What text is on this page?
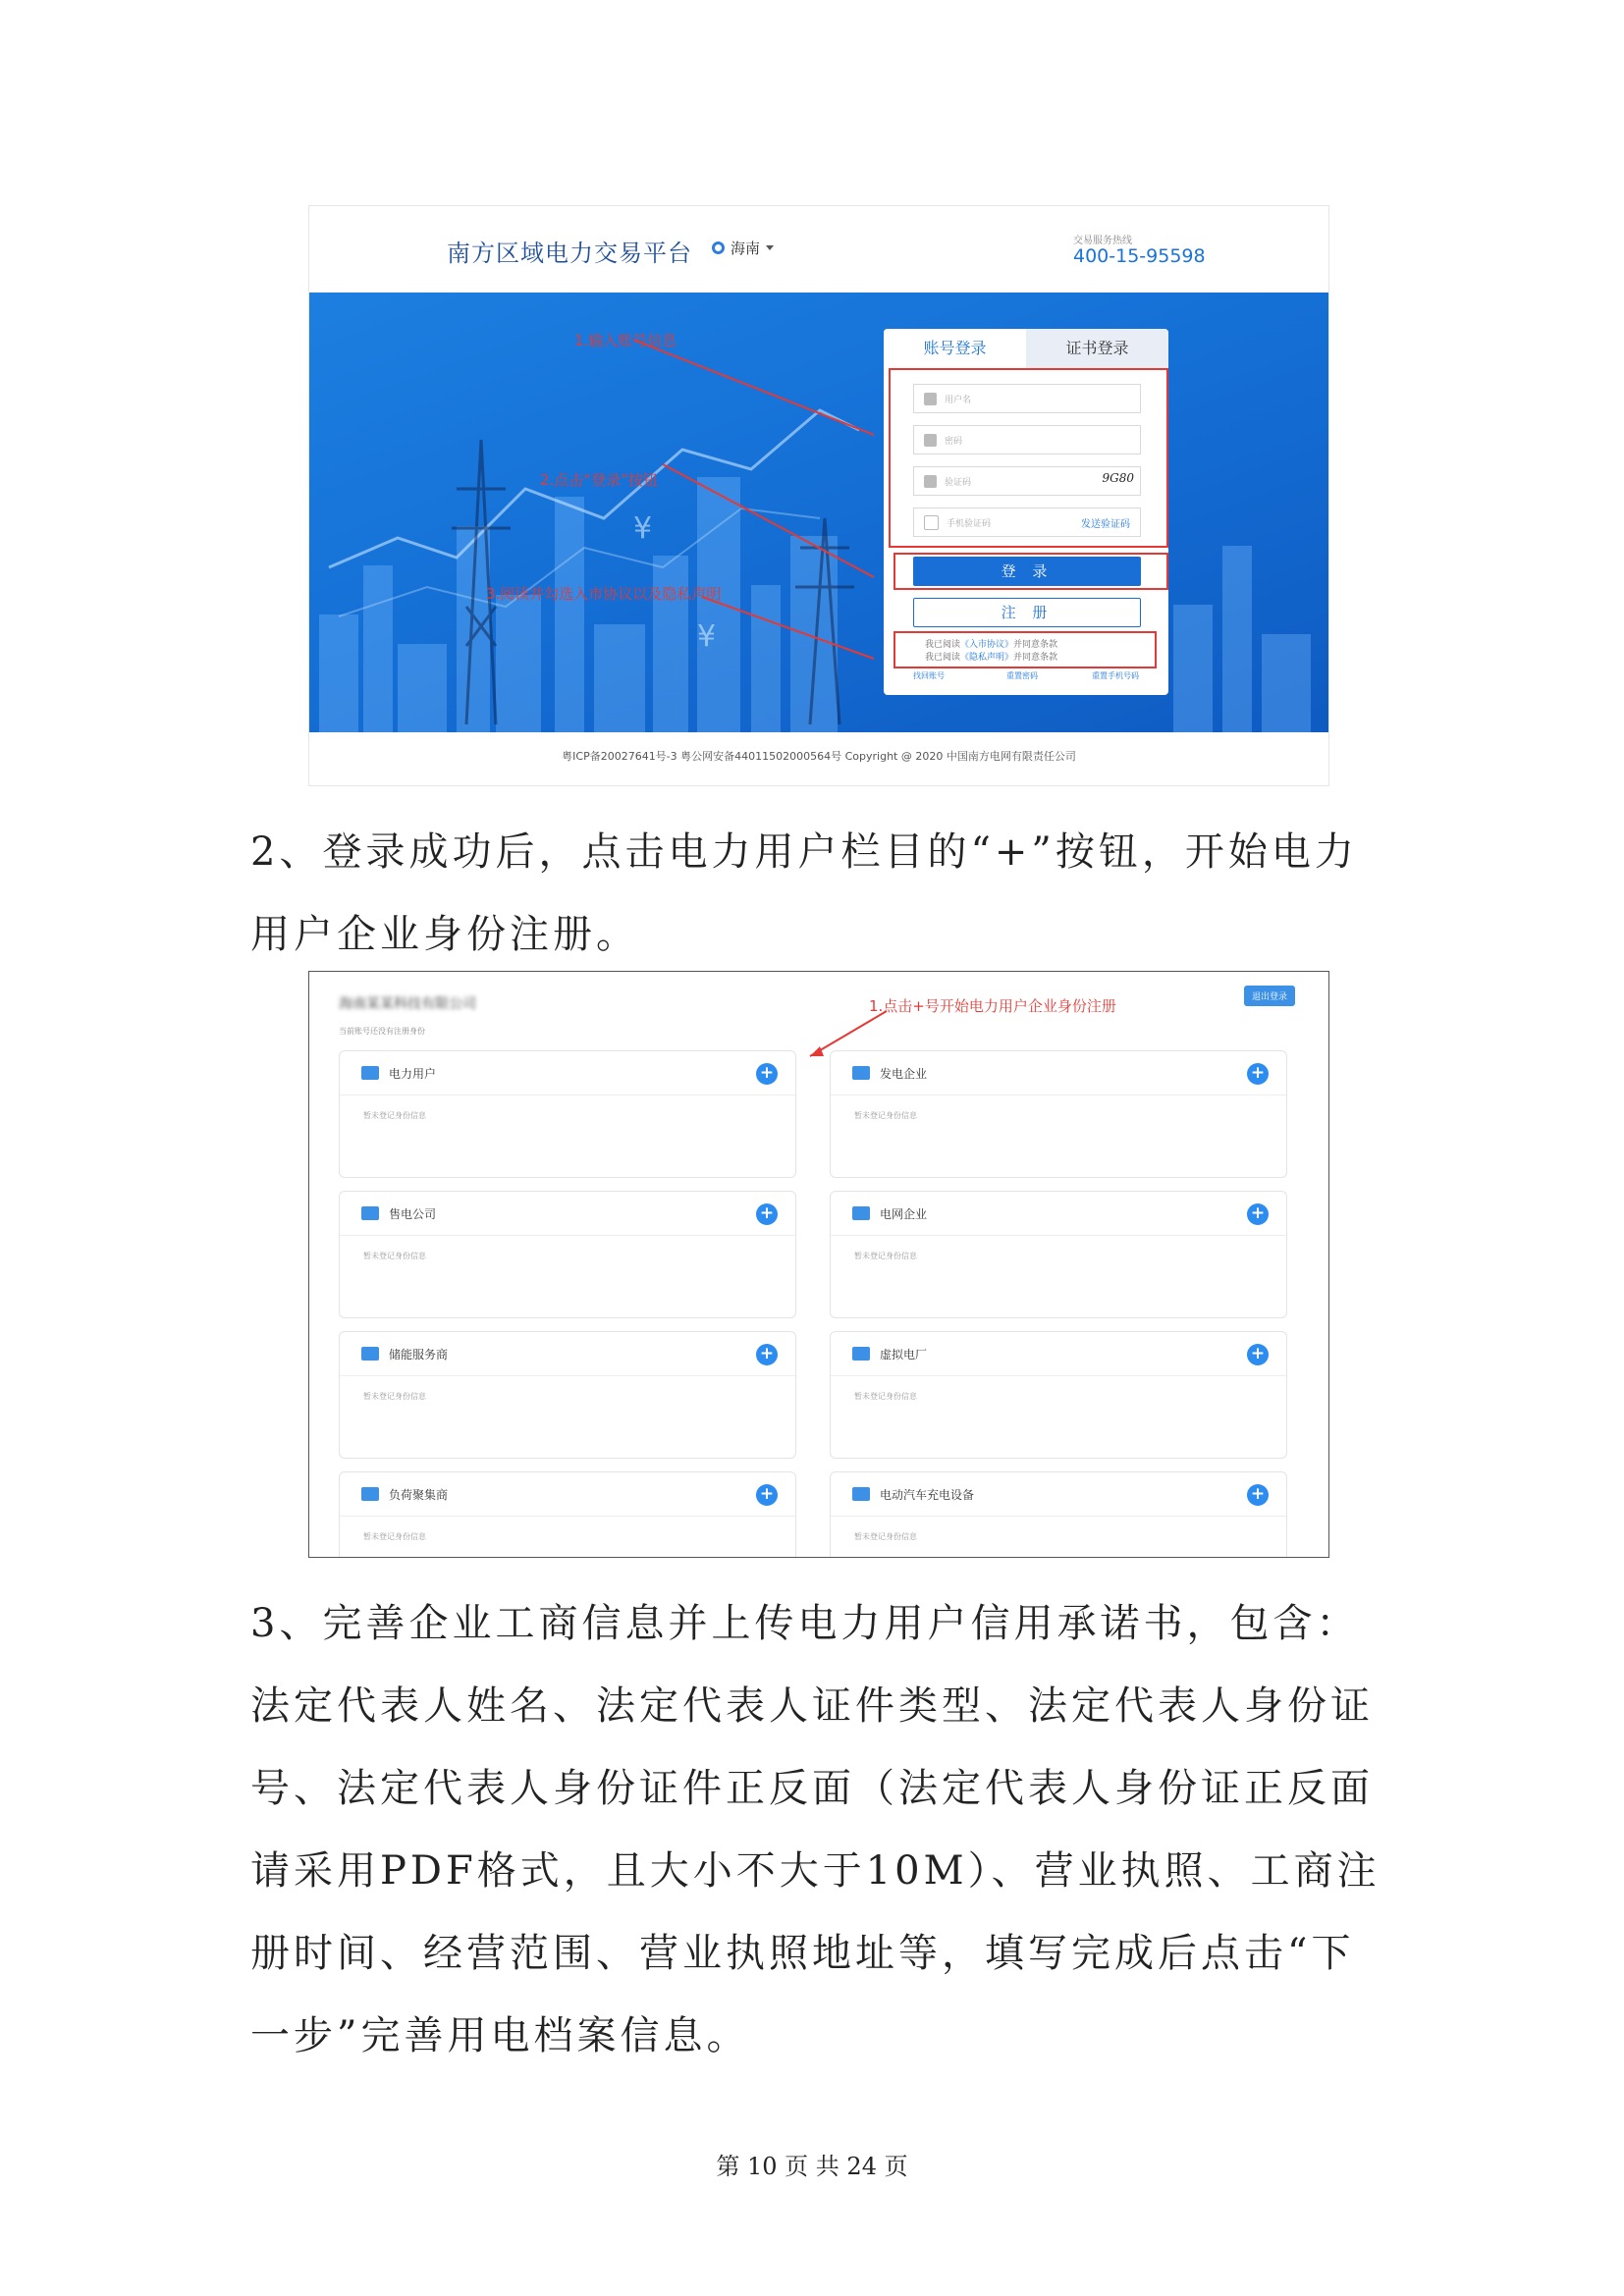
南方区域电力交易平台	海南	交易服务热线
400-15-95598
¥
¥
1.输入账号信息
2.点击“登录”按钮
3.阅读并勾选入市协议以及隐私声明
账号登录	证书登录
用户名
密码
验证码	9G80
手机验证码	发送验证码
登 录
注 册
我已阅读《入市协议》并同意条款
我已阅读《隐私声明》并同意条款
找回账号	重置密码	重置手机号码
粤ICP备20027641号-3 粤公网安备44011502000564号 Copyright @ 2020 中国南方电网有限责任公司
2、登录成功后，点击电力用户栏目的“+”按钮，开始电力用户企业身份注册。
海南某某科技有限公司
当前账号还没有注册身份
退出登录
1.点击+号开始电力用户企业身份注册
电力用户	+
暂未登记身份信息
发电企业	+
暂未登记身份信息
售电公司	+
暂未登记身份信息
电网企业	+
暂未登记身份信息
储能服务商	+
暂未登记身份信息
虚拟电厂	+
暂未登记身份信息
负荷聚集商	+
暂未登记身份信息
电动汽车充电设备	+
暂未登记身份信息
3、完善企业工商信息并上传电力用户信用承诺书，包含：法定代表人姓名、法定代表人证件类型、法定代表人身份证号、法定代表人身份证件正反面（法定代表人身份证正反面请采用PDF格式，且大小不大于10M）、营业执照、工商注册时间、经营范围、营业执照地址等，填写完成后点击“下一步”完善用电档案信息。
第 10 页 共 24 页
